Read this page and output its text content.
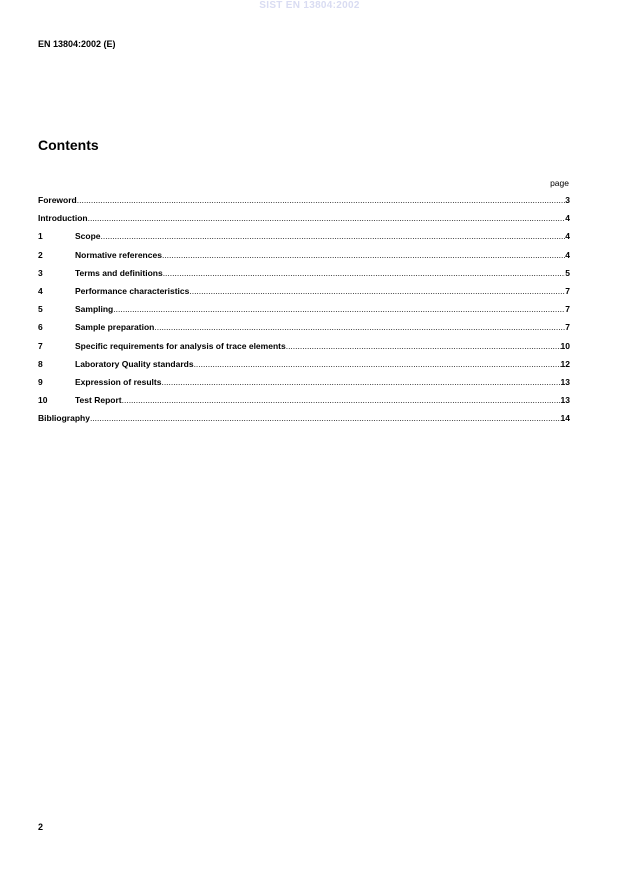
SIST EN 13804:2002
EN 13804:2002 (E)
Contents
page
Foreword .....	3
Introduction .....	4
1	Scope .....	4
2	Normative references .....	4
3	Terms and definitions .....	5
4	Performance characteristics .....	7
5	Sampling .....	7
6	Sample preparation .....	7
7	Specific requirements for analysis of trace elements .....	10
8	Laboratory Quality standards .....	12
9	Expression of results .....	13
10	Test Report .....	13
Bibliography .....	14
2
